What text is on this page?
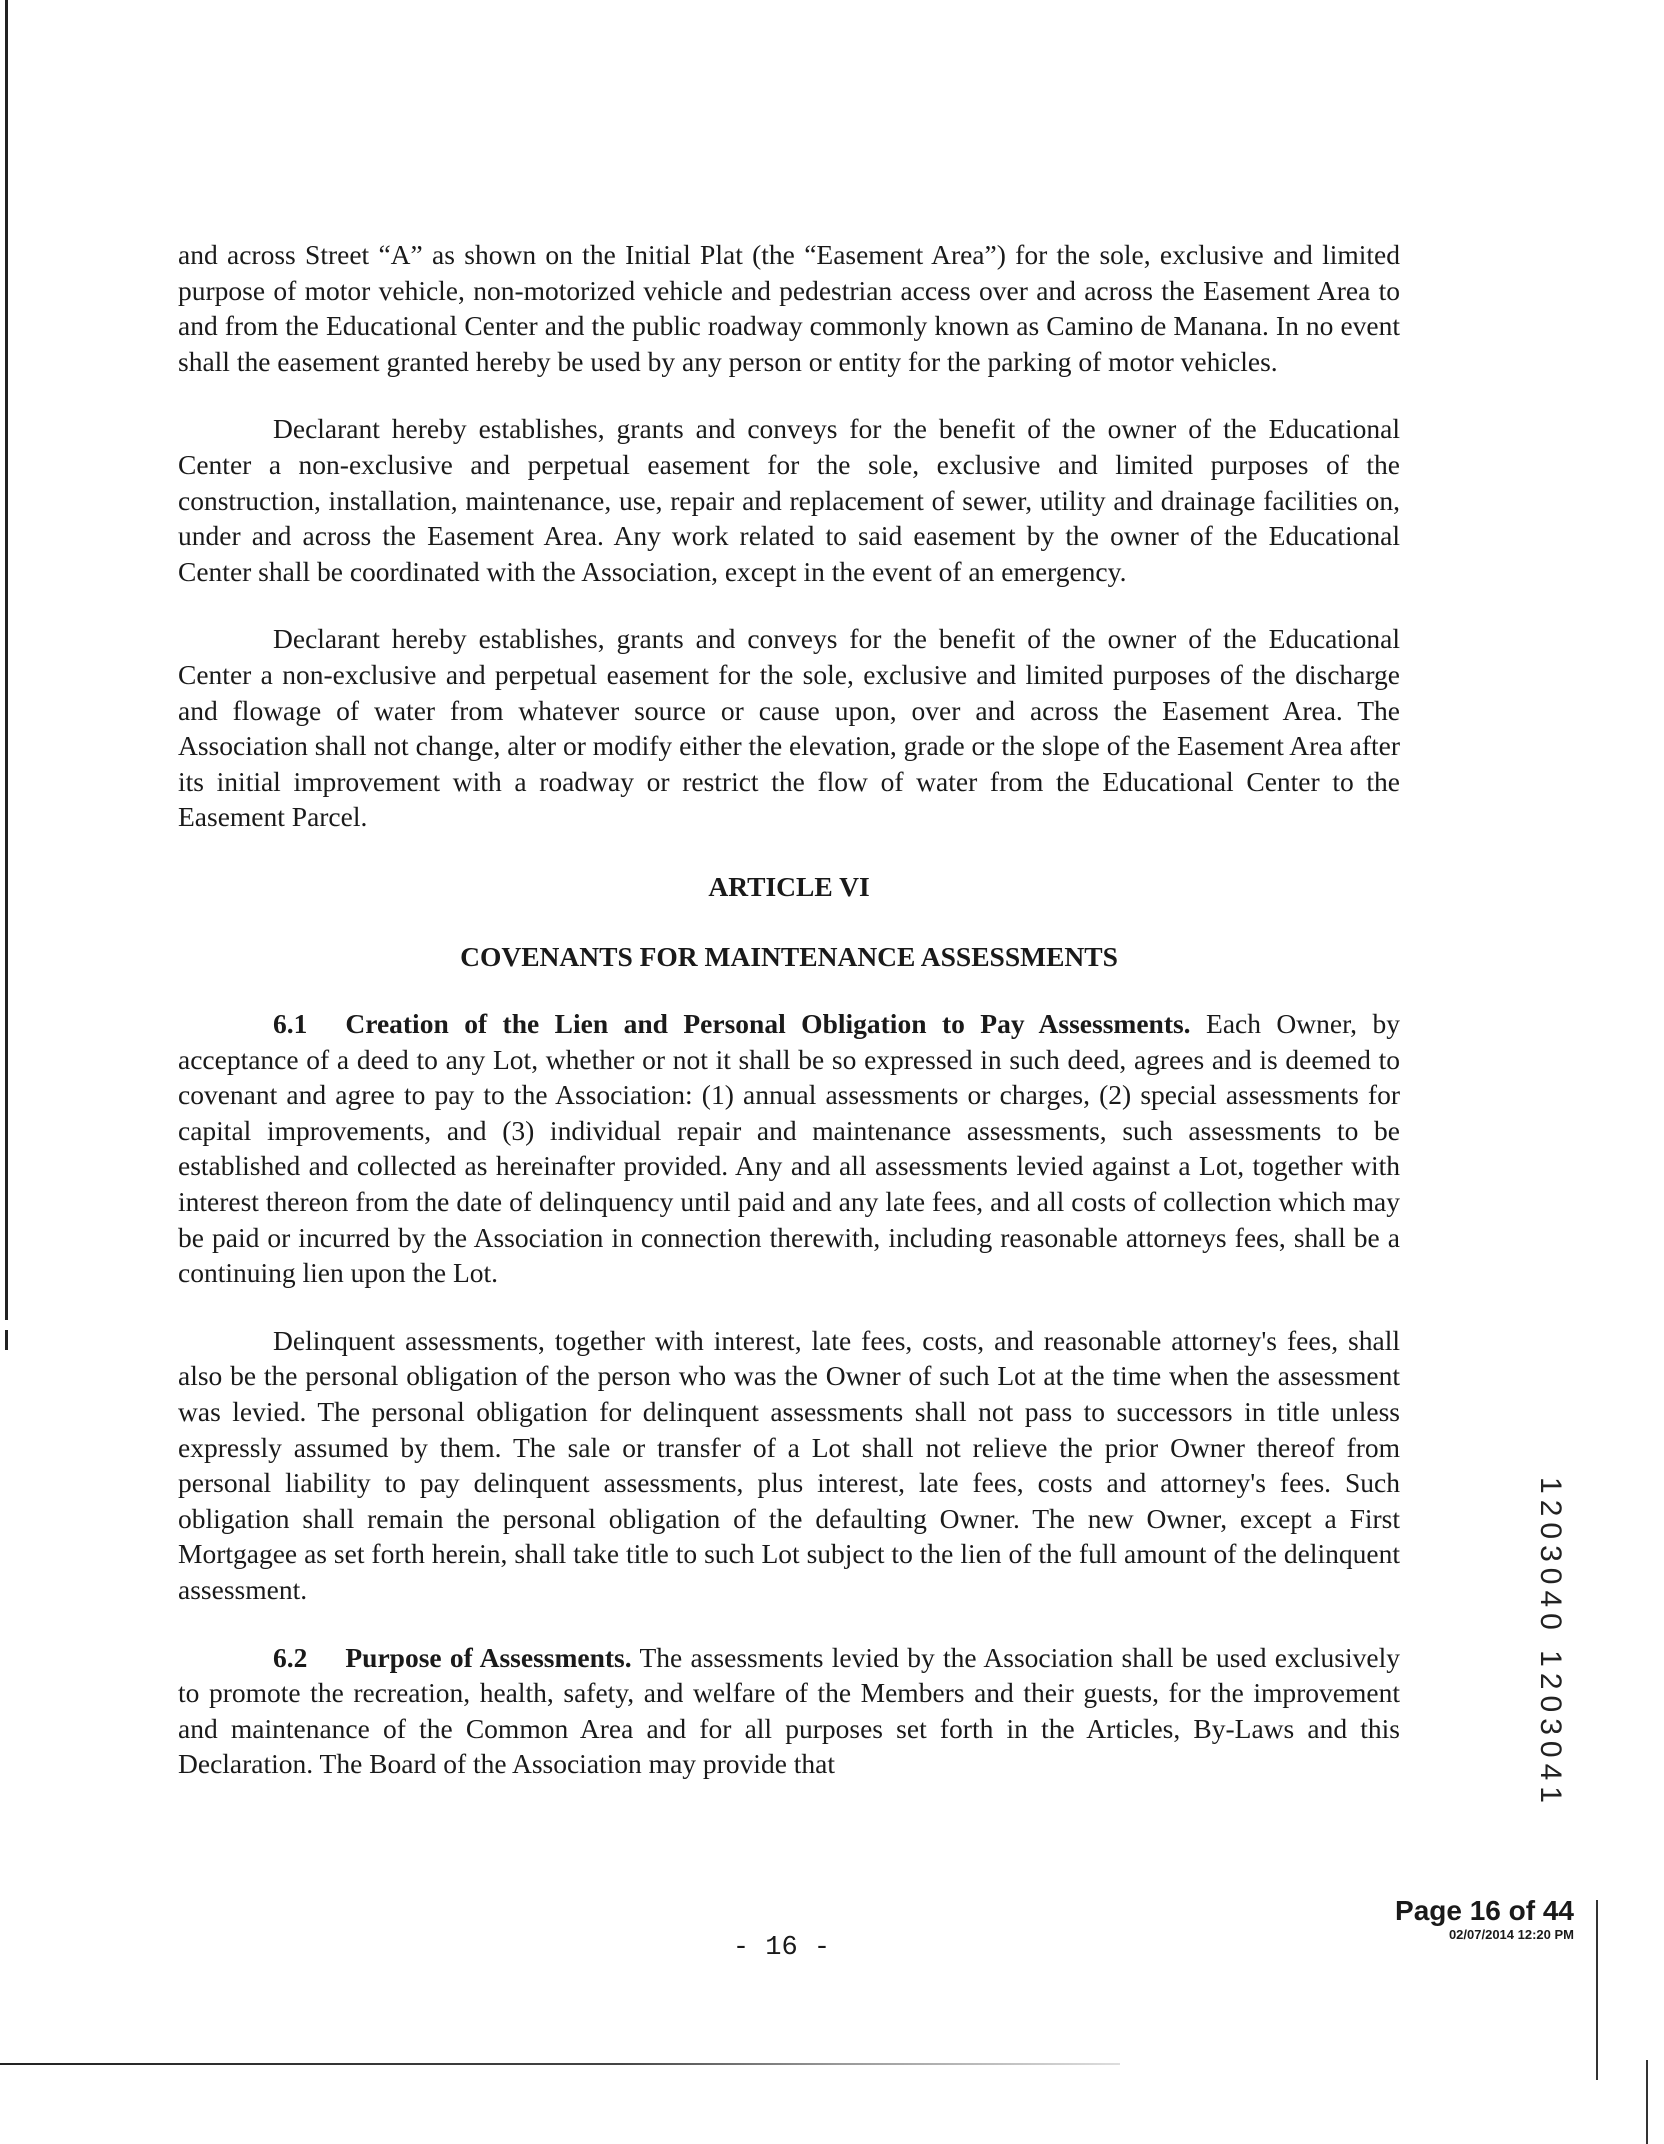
and across Street “A” as shown on the Initial Plat (the “Easement Area”) for the sole, exclusive and limited purpose of motor vehicle, non-motorized vehicle and pedestrian access over and across the Easement Area to and from the Educational Center and the public roadway commonly known as Camino de Manana. In no event shall the easement granted hereby be used by any person or entity for the parking of motor vehicles.

Declarant hereby establishes, grants and conveys for the benefit of the owner of the Educational Center a non-exclusive and perpetual easement for the sole, exclusive and limited purposes of the construction, installation, maintenance, use, repair and replacement of sewer, utility and drainage facilities on, under and across the Easement Area. Any work related to said easement by the owner of the Educational Center shall be coordinated with the Association, except in the event of an emergency.

Declarant hereby establishes, grants and conveys for the benefit of the owner of the Educational Center a non-exclusive and perpetual easement for the sole, exclusive and limited purposes of the discharge and flowage of water from whatever source or cause upon, over and across the Easement Area. The Association shall not change, alter or modify either the elevation, grade or the slope of the Easement Area after its initial improvement with a roadway or restrict the flow of water from the Educational Center to the Easement Parcel.

ARTICLE VI
COVENANTS FOR MAINTENANCE ASSESSMENTS

6.1 Creation of the Lien and Personal Obligation to Pay Assessments. Each Owner, by acceptance of a deed to any Lot, whether or not it shall be so expressed in such deed, agrees and is deemed to covenant and agree to pay to the Association: (1) annual assessments or charges, (2) special assessments for capital improvements, and (3) individual repair and maintenance assessments, such assessments to be established and collected as hereinafter provided. Any and all assessments levied against a Lot, together with interest thereon from the date of delinquency until paid and any late fees, and all costs of collection which may be paid or incurred by the Association in connection therewith, including reasonable attorneys fees, shall be a continuing lien upon the Lot.

Delinquent assessments, together with interest, late fees, costs, and reasonable attorney's fees, shall also be the personal obligation of the person who was the Owner of such Lot at the time when the assessment was levied. The personal obligation for delinquent assessments shall not pass to successors in title unless expressly assumed by them. The sale or transfer of a Lot shall not relieve the prior Owner thereof from personal liability to pay delinquent assessments, plus interest, late fees, costs and attorney's fees. Such obligation shall remain the personal obligation of the defaulting Owner. The new Owner, except a First Mortgagee as set forth herein, shall take title to such Lot subject to the lien of the full amount of the delinquent assessment.

6.2 Purpose of Assessments. The assessments levied by the Association shall be used exclusively to promote the recreation, health, safety, and welfare of the Members and their guests, for the improvement and maintenance of the Common Area and for all purposes set forth in the Articles, By-Laws and this Declaration. The Board of the Association may provide that	1203040 1203041
Page 16 of 44
02/07/2014 12:20 PM
- 16 -
